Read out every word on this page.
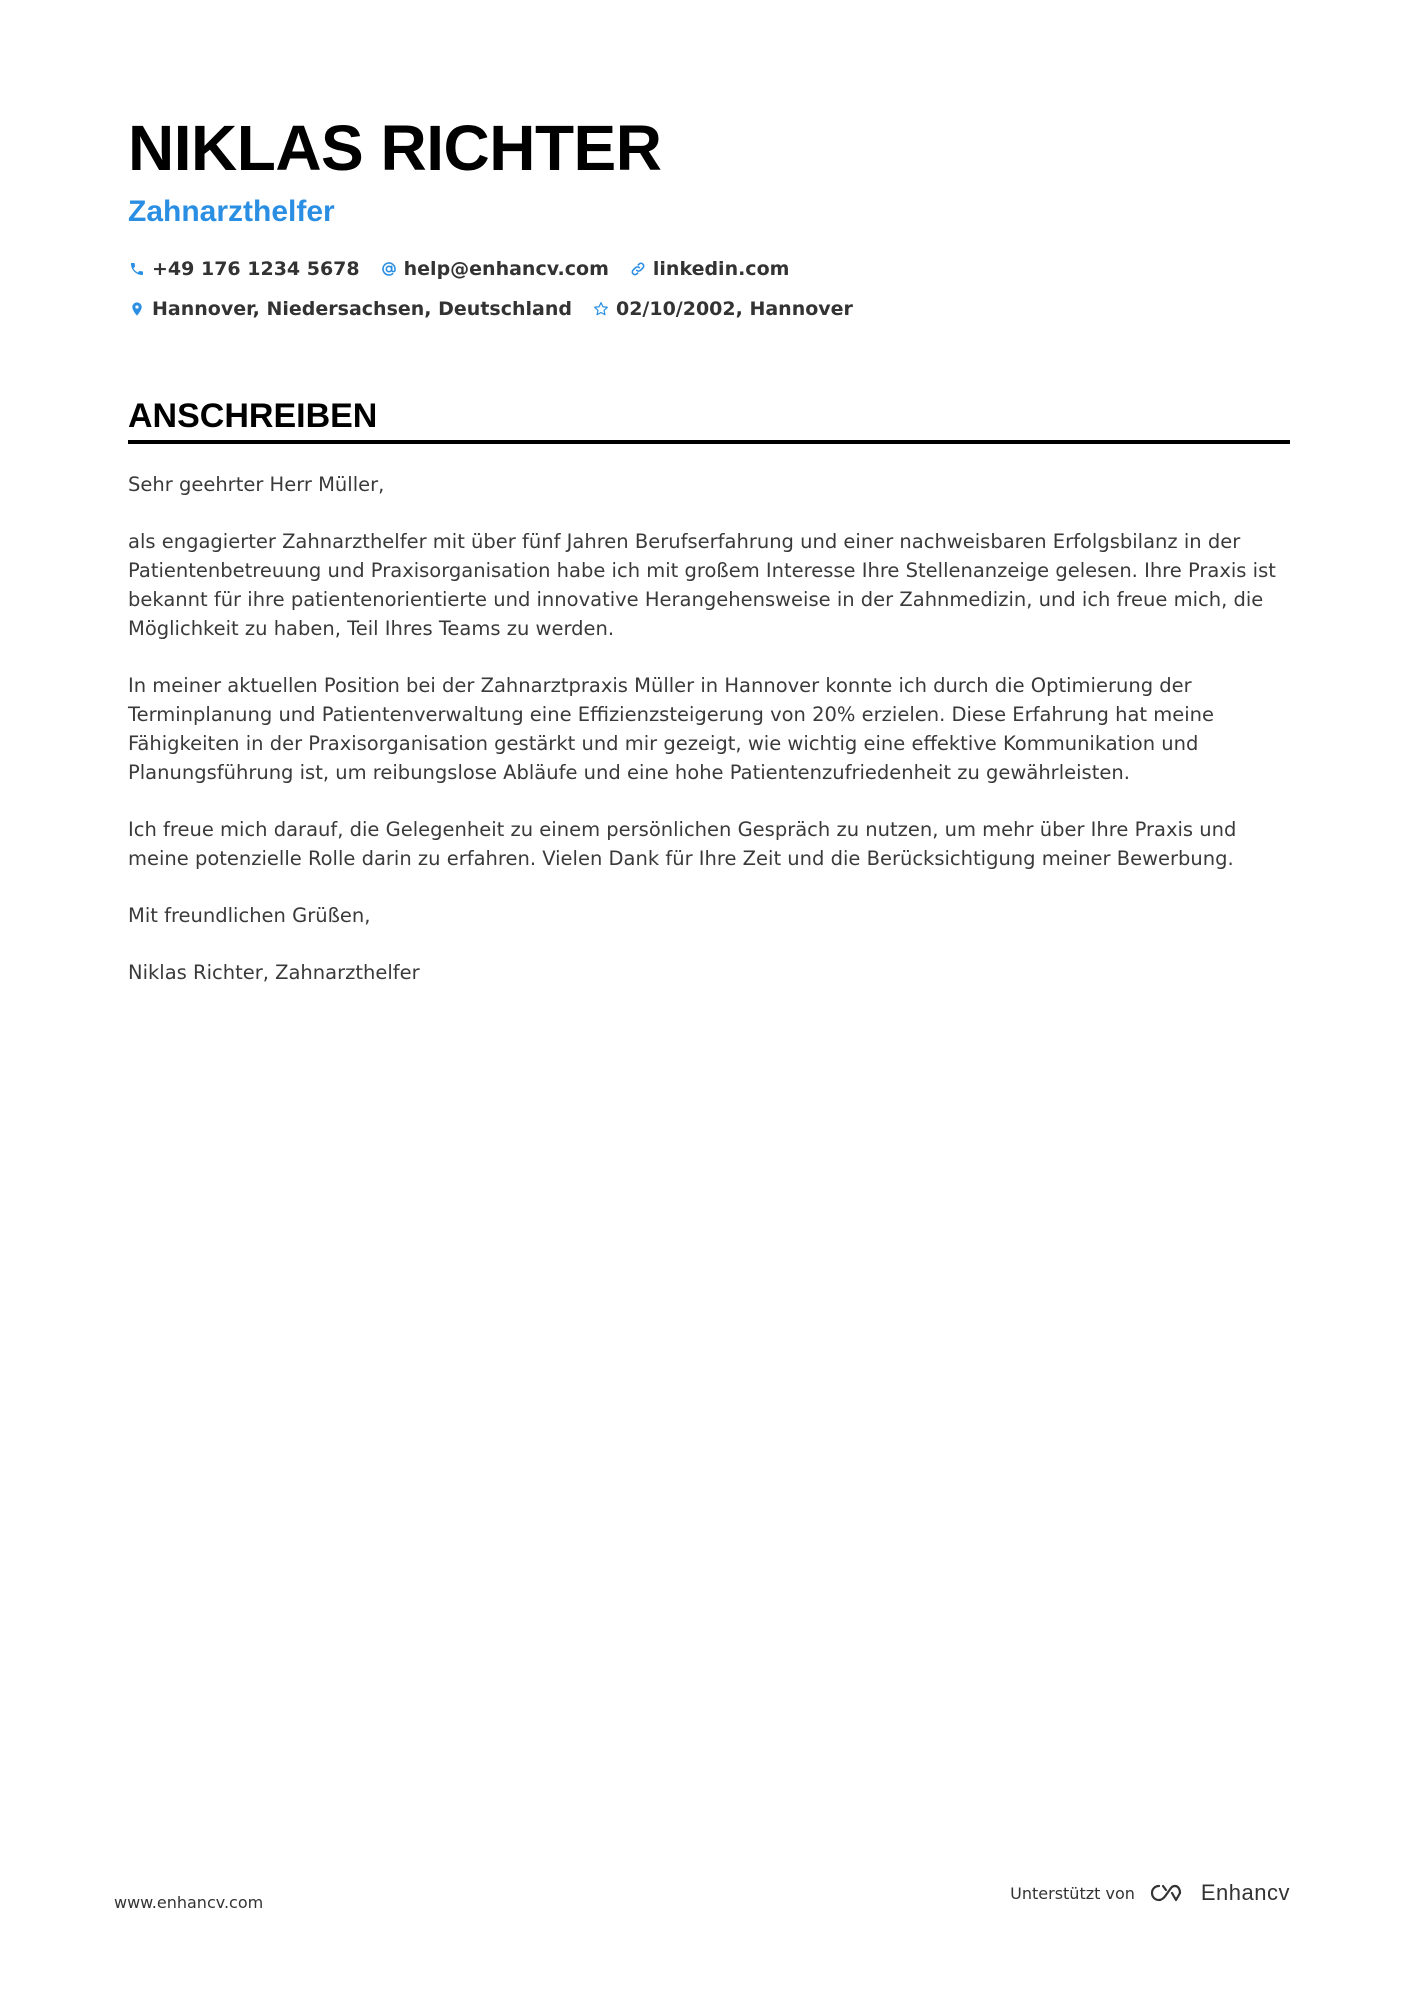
NIKLAS RICHTER
Zahnarzthelfer
+49 176 1234 5678 help@enhancv.com linkedin.com
Hannover, Niedersachsen, Deutschland 02/10/2002, Hannover
ANSCHREIBEN

Sehr geehrter Herr Müller,

als engagierter Zahnarzthelfer mit über fünf Jahren Berufserfahrung und einer nachweisbaren Erfolgsbilanz in der Patientenbetreuung und Praxisorganisation habe ich mit großem Interesse Ihre Stellenanzeige gelesen. Ihre Praxis ist bekannt für ihre patientenorientierte und innovative Herangehensweise in der Zahnmedizin, und ich freue mich, die Möglichkeit zu haben, Teil Ihres Teams zu werden.

In meiner aktuellen Position bei der Zahnarztpraxis Müller in Hannover konnte ich durch die Optimierung der Terminplanung und Patientenverwaltung eine Effizienzsteigerung von 20% erzielen. Diese Erfahrung hat meine Fähigkeiten in der Praxisorganisation gestärkt und mir gezeigt, wie wichtig eine effektive Kommunikation und Planungsführung ist, um reibungslose Abläufe und eine hohe Patientenzufriedenheit zu gewährleisten.

Ich freue mich darauf, die Gelegenheit zu einem persönlichen Gespräch zu nutzen, um mehr über Ihre Praxis und meine potenzielle Rolle darin zu erfahren. Vielen Dank für Ihre Zeit und die Berücksichtigung meiner Bewerbung.

Mit freundlichen Grüßen,

Niklas Richter, Zahnarzthelfer

www.enhancv.com	Unterstützt von	Enhancv
